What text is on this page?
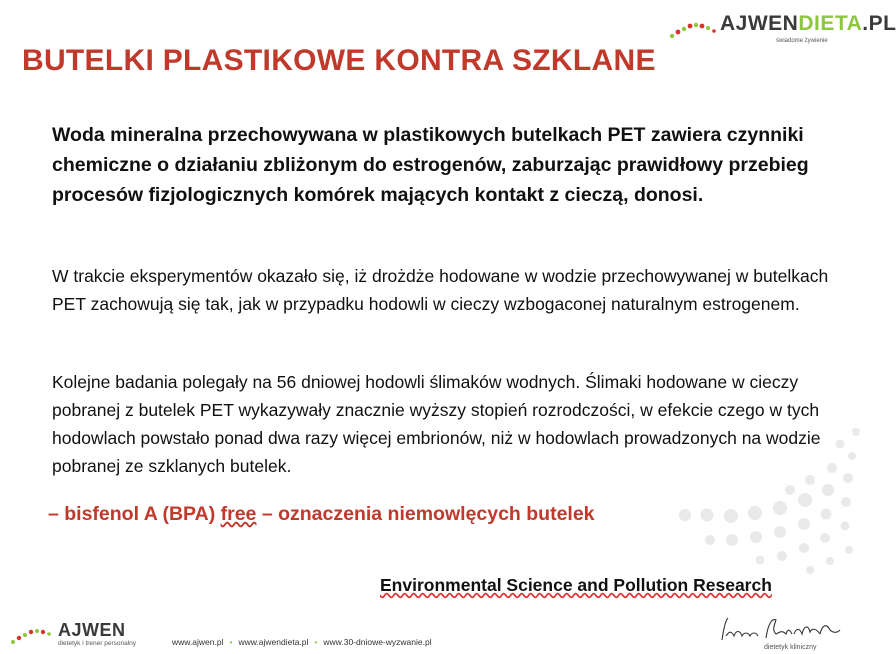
AJWENDIETA.PL
świadome żywienie
BUTELKI PLASTIKOWE KONTRA SZKLANE

Woda mineralna przechowywana w plastikowych butelkach PET zawiera czynniki chemiczne o działaniu zbliżonym do estrogenów, zaburzając prawidłowy przebieg procesów fizjologicznych komórek mających kontakt z cieczą, donosi.

W trakcie eksperymentów okazało się, iż drożdże hodowane w wodzie przechowywanej w butelkach PET zachowują się tak, jak w przypadku hodowli w cieczy wzbogaconej naturalnym estrogenem.

Kolejne badania polegały na 56 dniowej hodowli ślimaków wodnych. Ślimaki hodowane w cieczy pobranej z butelek PET wykazywały znacznie wyższy stopień rozrodczości, w efekcie czego w tych hodowlach powstało ponad dwa razy więcej embrionów, niż w hodowlach prowadzonych na wodzie pobranej ze szklanych butelek.

– bisfenol A (BPA) free – oznaczenia niemowlęcych butelek

Environmental Science and Pollution Research

AJWEN
dietetyk i trener personalny	www.ajwen.pl • www.ajwendieta.pl • www.30-dniowe-wyzwanie.pl
dietetyk kliniczny
